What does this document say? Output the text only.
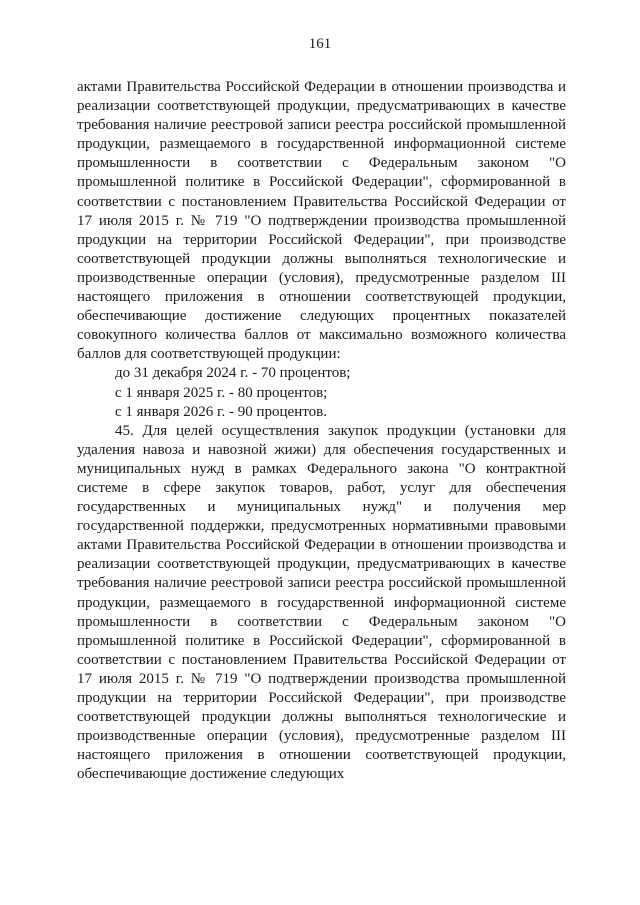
161

актами Правительства Российской Федерации в отношении производства и реализации соответствующей продукции, предусматривающих в качестве требования наличие реестровой записи реестра российской промышленной продукции, размещаемого в государственной информационной системе промышленности в соответствии с Федеральным законом "О промышленной политике в Российской Федерации", сформированной в соответствии с постановлением Правительства Российской Федерации от 17 июля 2015 г. № 719 "О подтверждении производства промышленной продукции на территории Российской Федерации", при производстве соответствующей продукции должны выполняться технологические и производственные операции (условия), предусмотренные разделом III настоящего приложения в отношении соответствующей продукции, обеспечивающие достижение следующих процентных показателей совокупного количества баллов от максимально возможного количества баллов для соответствующей продукции:

до 31 декабря 2024 г. - 70 процентов;

с 1 января 2025 г. - 80 процентов;

с 1 января 2026 г. - 90 процентов.

45. Для целей осуществления закупок продукции (установки для удаления навоза и навозной жижи) для обеспечения государственных и муниципальных нужд в рамках Федерального закона "О контрактной системе в сфере закупок товаров, работ, услуг для обеспечения государственных и муниципальных нужд" и получения мер государственной поддержки, предусмотренных нормативными правовыми актами Правительства Российской Федерации в отношении производства и реализации соответствующей продукции, предусматривающих в качестве требования наличие реестровой записи реестра российской промышленной продукции, размещаемого в государственной информационной системе промышленности в соответствии с Федеральным законом "О промышленной политике в Российской Федерации", сформированной в соответствии с постановлением Правительства Российской Федерации от 17 июля 2015 г. № 719 "О подтверждении производства промышленной продукции на территории Российской Федерации", при производстве соответствующей продукции должны выполняться технологические и производственные операции (условия), предусмотренные разделом III настоящего приложения в отношении соответствующей продукции, обеспечивающие достижение следующих
